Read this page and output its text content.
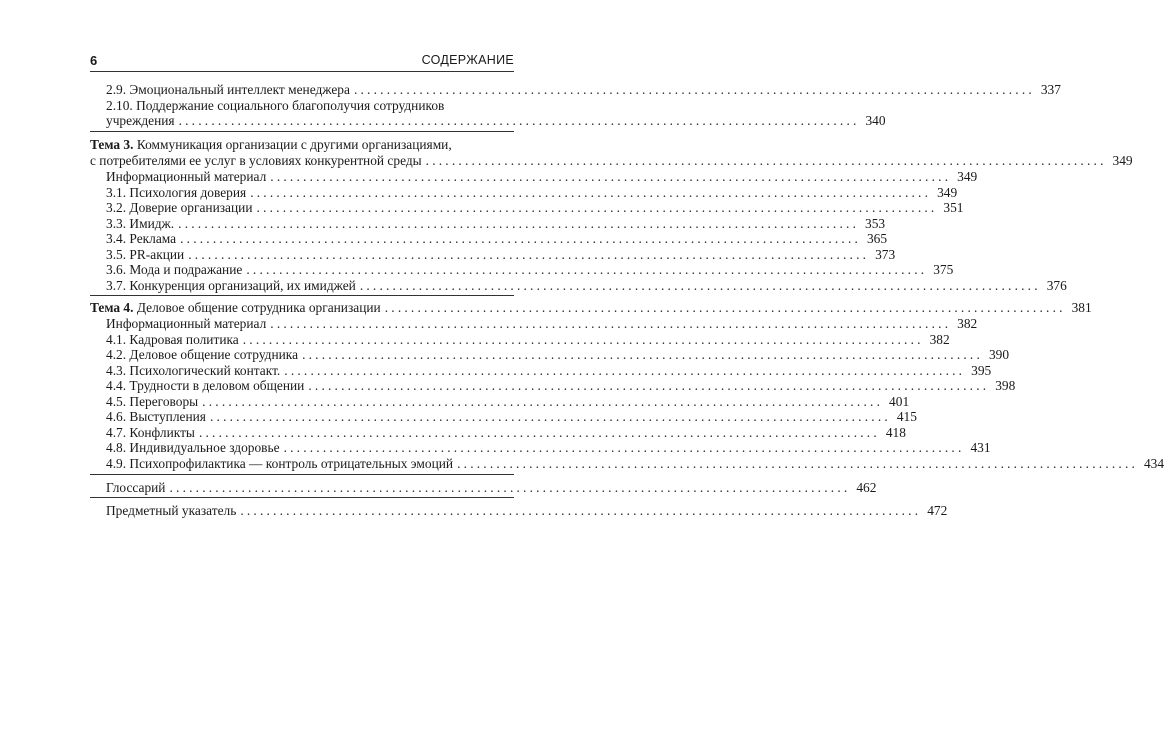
6	СОДЕРЖАНИЕ
2.9. Эмоциональный интеллект менеджера ........................................................................................................ 337
2.10. Поддержание социального благополучия сотрудников
учреждения ........................................................................................................ 340
Тема 3. Коммуникация организации с другими организациями,
с потребителями ее услуг в условиях конкурентной среды ........................................................................................................ 349
Информационный материал ........................................................................................................ 349
3.1. Психология доверия ........................................................................................................ 349
3.2. Доверие организации ........................................................................................................ 351
3.3. Имидж. ........................................................................................................ 353
3.4. Реклама ........................................................................................................ 365
3.5. PR-акции ........................................................................................................ 373
3.6. Мода и подражание ........................................................................................................ 375
3.7. Конкуренция организаций, их имиджей ........................................................................................................ 376
Тема 4. Деловое общение сотрудника организации ........................................................................................................ 381
Информационный материал ........................................................................................................ 382
4.1. Кадровая политика ........................................................................................................ 382
4.2. Деловое общение сотрудника ........................................................................................................ 390
4.3. Психологический контакт. ........................................................................................................ 395
4.4. Трудности в деловом общении ........................................................................................................ 398
4.5. Переговоры ........................................................................................................ 401
4.6. Выступления ........................................................................................................ 415
4.7. Конфликты ........................................................................................................ 418
4.8. Индивидуальное здоровье ........................................................................................................ 431
4.9. Психопрофилактика — контроль отрицательных эмоций ........................................................................................................ 434
Глоссарий ........................................................................................................ 462
Предметный указатель ........................................................................................................ 472
